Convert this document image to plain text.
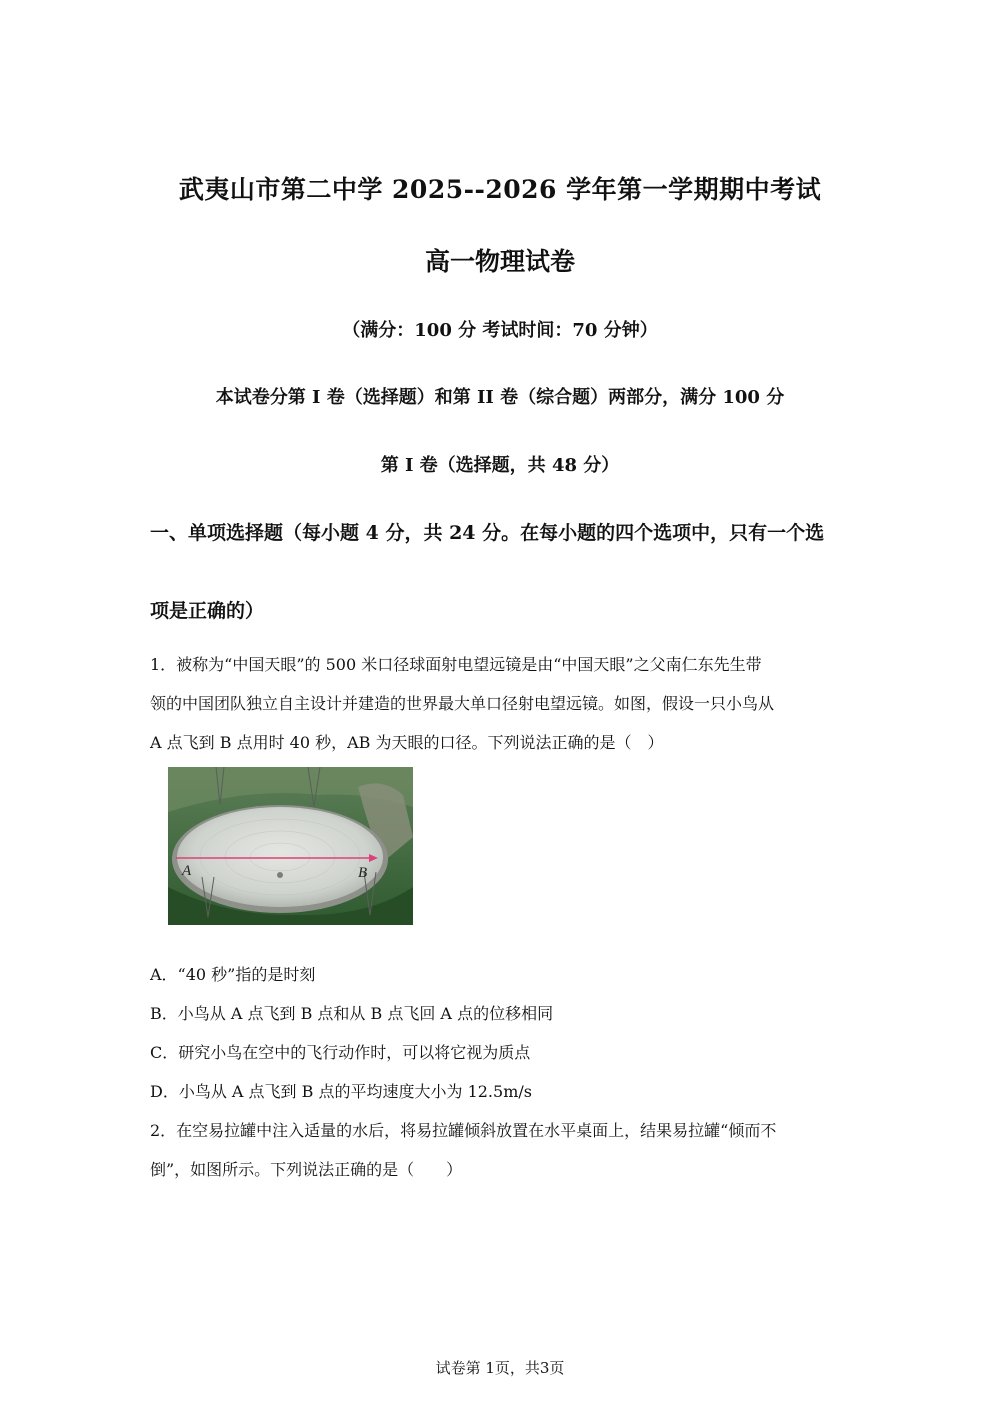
武夷山市第二中学 2025--2026 学年第一学期期中考试
高一物理试卷
（满分：100 分 考试时间：70 分钟）
本试卷分第 I 卷（选择题）和第 II 卷（综合题）两部分，满分 100 分
第 I 卷（选择题，共 48 分）
一、单项选择题（每小题 4 分，共 24 分。在每小题的四个选项中，只有一个选
项是正确的）
1．被称为“中国天眼”的 500 米口径球面射电望远镜是由“中国天眼”之父南仁东先生带
领的中国团队独立自主设计并建造的世界最大单口径射电望远镜。如图，假设一只小鸟从
A 点飞到 B 点用时 40 秒，AB 为天眼的口径。下列说法正确的是（　）
A	B
A．“40 秒”指的是时刻
B．小鸟从 A 点飞到 B 点和从 B 点飞回 A 点的位移相同
C．研究小鸟在空中的飞行动作时，可以将它视为质点
D．小鸟从 A 点飞到 B 点的平均速度大小为 12.5m/s
2．在空易拉罐中注入适量的水后，将易拉罐倾斜放置在水平桌面上，结果易拉罐“倾而不
倒”，如图所示。下列说法正确的是（　　）
试卷第 1页，共3页
